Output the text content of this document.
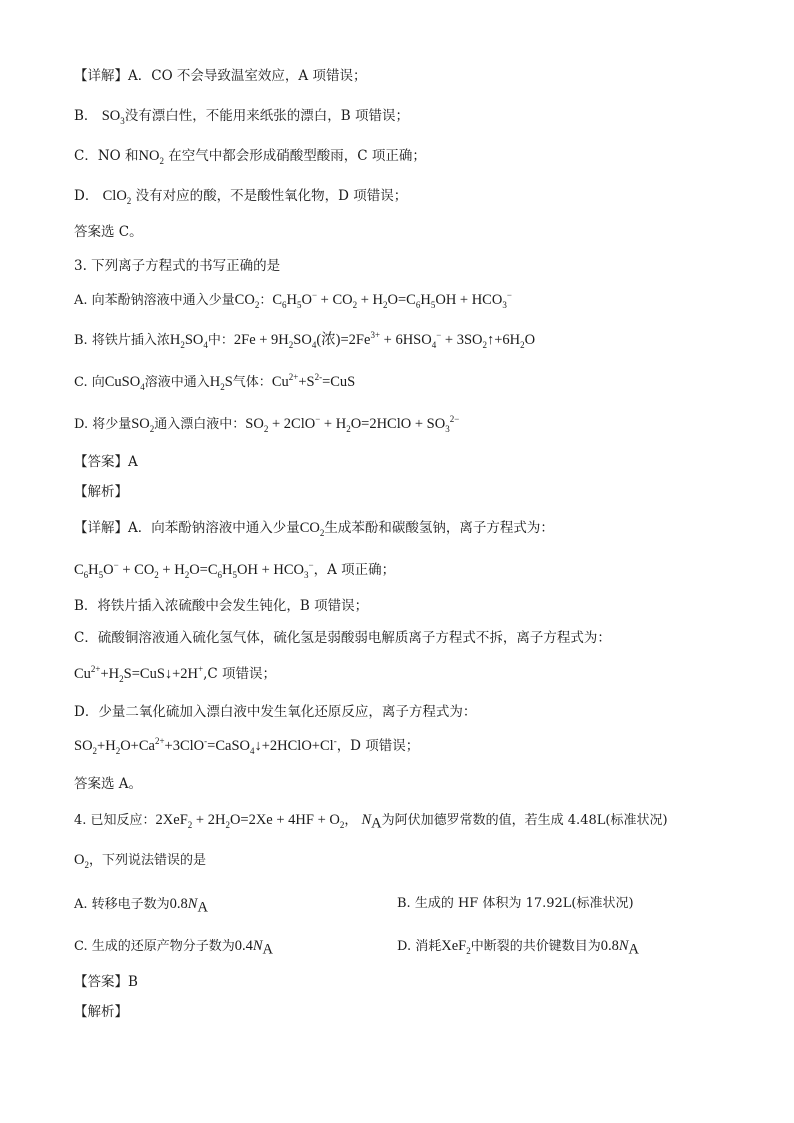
【详解】A．CO 不会导致温室效应，A 项错误；
B． $SO_3$没有漂白性，不能用来纸张的漂白，B 项错误；
C．NO 和$NO_2$ 在空气中都会形成硝酸型酸雨，C 项正确；
D． ClO$_2$ 没有对应的酸，不是酸性氧化物，D 项错误；
答案选 C。
3. 下列离子方程式的书写正确的是
A. 向苯酚钠溶液中通入少量$CO_2$：$C_6H_5O^- + CO_2 + H_2O=C_6H_5OH + HCO_3^-$
B. 将铁片插入浓$H_2SO_4$中：$2Fe + 9H_2SO_4$(浓)$=2Fe^{3+} + 6HSO_4^-$ + $3SO_2↑+6H_2O$
C. 向CuSO$_4$溶液中通入$H_2S$气体：$Cu^{2+}+S^{2-}=CuS$
D. 将少量$SO_2$通入漂白液中：$SO_2 + 2ClO^-$ + $H_2O=2HClO + SO_3^{2-}$
【答案】A
【解析】
【详解】A．向苯酚钠溶液中通入少量$CO_2$生成苯酚和碳酸氢钠，离子方程式为：
$C_6H_5O^- + CO_2 + H_2O=C_6H_5OH + HCO_3^-$，A 项正确；
B．将铁片插入浓硫酸中会发生钝化，B 项错误；
C．硫酸铜溶液通入硫化氢气体，硫化氢是弱酸弱电解质离子方程式不拆，离子方程式为：
$Cu^{2+}+H_2S=CuS↓+2H^+,C$ 项错误；
D．少量二氧化硫加入漂白液中发生氧化还原反应，离子方程式为：
$SO_2+H_2O+Ca^{2+}+3ClO^-=CaSO_4↓+2HClO+Cl^-$，D 项错误；
答案选 A。
4. 已知反应：$2XeF_2 + 2H_2O=2Xe + 4HF + O_2$， $N_A$为阿伏加德罗常数的值，若生成 4.48L(标准状况)
$O_2$，下列说法错误的是
A. 转移电子数为$0.8N_A$	B. 生成的 HF 体积为 17.92L(标准状况)
C. 生成的还原产物分子数为$0.4N_A$	D. 消耗XeF$_2$中断裂的共价键数目为$0.8N_A$
【答案】B
【解析】
